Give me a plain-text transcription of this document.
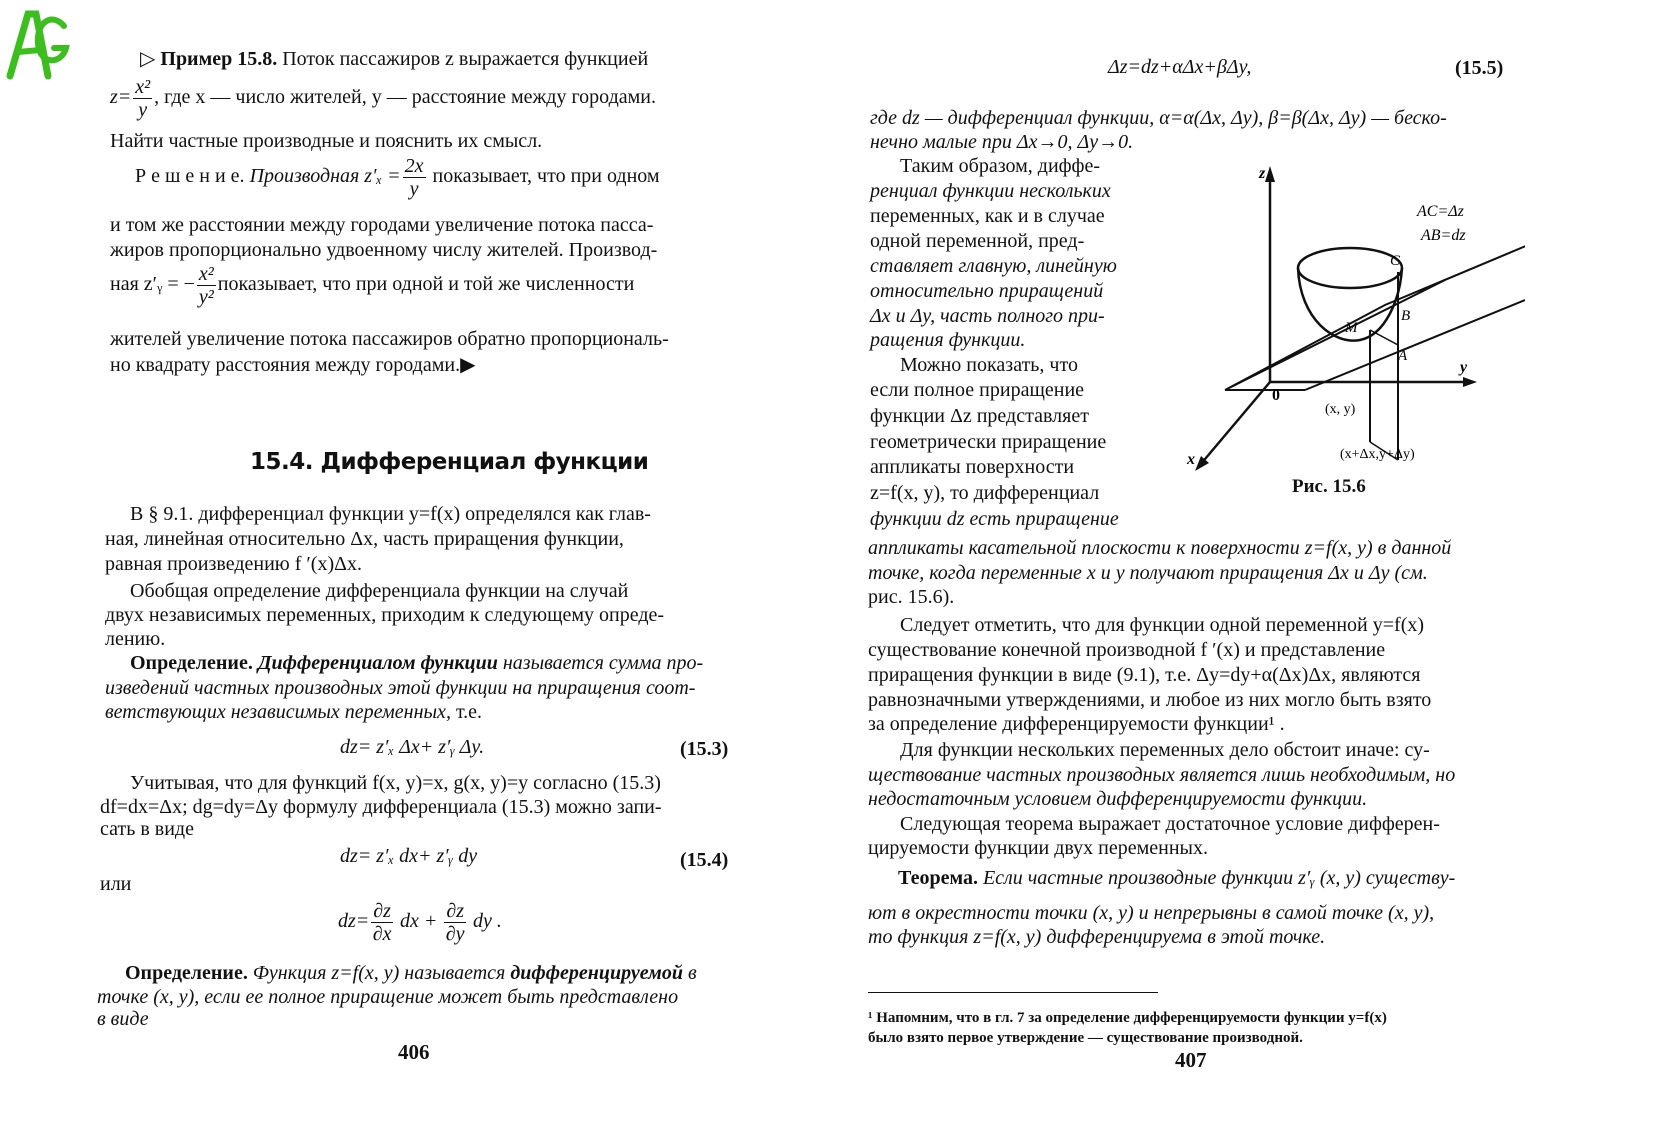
▷ Пример 15.8. Поток пассажиров z выражается функцией
$z= \frac{\text{x²}}{y}$ , где x — число жителей, y — расстояние между городами.
Найти частные производные и пояснить их смысл.
Р е ш е н и е. Производная $z'_x = \frac{2x}{y}$ показывает, что при одном
и том же расстоянии между городами увеличение потока пасса-
жиров пропорционально удвоенному числу жителей. Производ-
ная z′ᵧ = − $\frac{\text{x²}}{\text{y²}}$ показывает, что при одной и той же численности
жителей увеличение потока пассажиров обратно пропорциональ-
но квадрату расстояния между городами.▶
15.4. Дифференциал функции
В § 9.1. дифференциал функции y=f(x) определялся как глав-
ная, линейная относительно Δx, часть приращения функции,
равная произведению f ′(x)Δx.
Обобщая определение дифференциала функции на случай
двух независимых переменных, приходим к следующему опреде-
лению.
Определение. Дифференциалом функции называется сумма про-
изведений частных производных этой функции на приращения соот-
ветствующих независимых переменных, т.е.
dz= z′ₓ Δx+ z′ᵧ Δy.	(15.3)
Учитывая, что для функций f(x, y)=x, g(x, y)=y согласно (15.3)
df=dx=Δx; dg=dy=Δy формулу дифференциала (15.3) можно запи-
сать в виде
dz= z′ₓ dx+ z′ᵧ dy	(15.4)
или
$dz= \frac{\partial z}{\partial x}$ dx + $\frac{\partial z}{\partial y}$ dy .
Определение. Функция z=f(x, y) называется дифференцируемой в
точке (x, y), если ее полное приращение может быть представлено
в виде
406
Δz=dz+αΔx+βΔy,	(15.5)
где dz — дифференциал функции, α=α(Δx, Δy), β=β(Δx, Δy) — беско-
нечно малые при Δx→0, Δy→0.
Таким образом, диффе-
ренциал функции нескольких
переменных, как и в случае
одной переменной, пред-
ставляет главную, линейную
относительно приращений
Δx и Δy, часть полного при-
ращения функции.
Можно показать, что
если полное приращение
функции Δz представляет
геометрически приращение
аппликаты поверхности
z=f(x, y), то дифференциал
функции dz есть приращение
z
y
x
0
AC=Δz
AB=dz
C
B
A
M
(x, y)
(x+Δx,y+Δy)
Рис. 15.6
аппликаты касательной плоскости к поверхности z=f(x, y) в данной
точке, когда переменные x и y получают приращения Δx и Δy (см.
рис. 15.6).
Следует отметить, что для функции одной переменной y=f(x)
существование конечной производной f ′(x) и представление
приращения функции в виде (9.1), т.е. Δy=dy+α(Δx)Δx, являются
равнозначными утверждениями, и любое из них могло быть взято
за определение дифференцируемости функции¹ .
Для функции нескольких переменных дело обстоит иначе: су-
ществование частных производных является лишь необходимым, но
недостаточным условием дифференцируемости функции.
Следующая теорема выражает достаточное условие дифферен-
цируемости функции двух переменных.
Теорема. Если частные производные функции z′ᵧ (x, y) существу-
ют в окрестности точки (x, y) и непрерывны в самой точке (x, y),
то функция z=f(x, y) дифференцируема в этой точке.
¹ Напомним, что в гл. 7 за определение дифференцируемости функции y=f(x)
было взято первое утверждение — существование производной.
407
